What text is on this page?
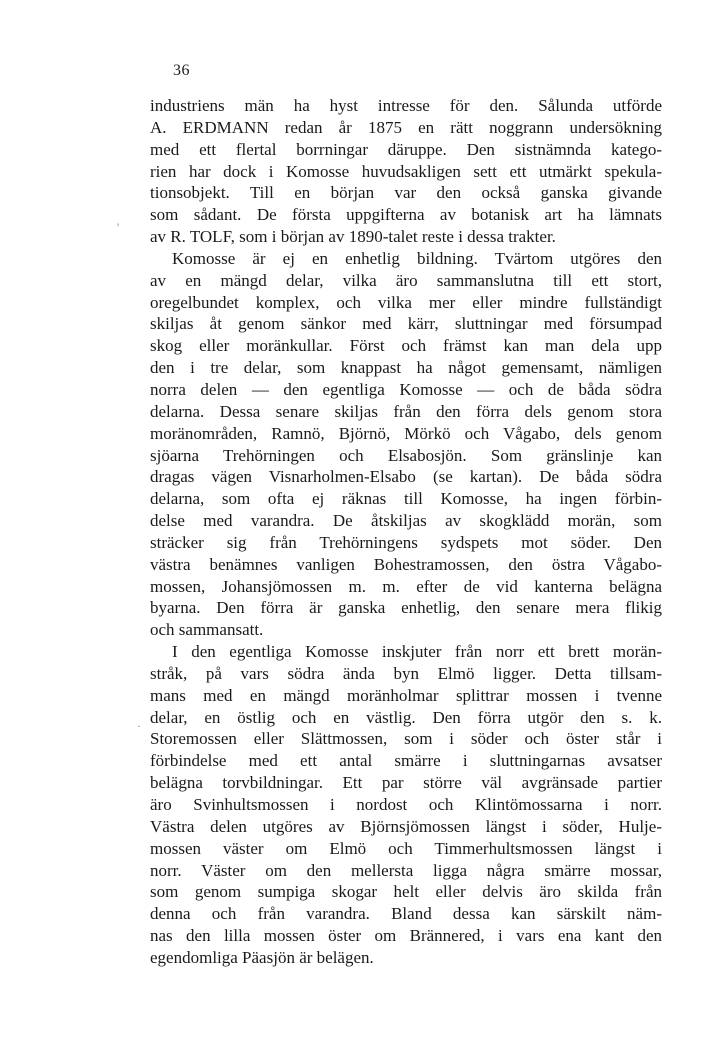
36
'
·
industriens män ha hyst intresse för den. Sålunda utförde
A. ERDMANN redan år 1875 en rätt noggrann undersökning
med ett flertal borrningar däruppe. Den sistnämnda katego-
rien har dock i Komosse huvudsakligen sett ett utmärkt spekula-
tionsobjekt. Till en början var den också ganska givande
som sådant. De första uppgifterna av botanisk art ha lämnats
av R. TOLF, som i början av 1890-talet reste i dessa trakter.
Komosse är ej en enhetlig bildning. Tvärtom utgöres den
av en mängd delar, vilka äro sammanslutna till ett stort,
oregelbundet komplex, och vilka mer eller mindre fullständigt
skiljas åt genom sänkor med kärr, sluttningar med försumpad
skog eller moränkullar. Först och främst kan man dela upp
den i tre delar, som knappast ha något gemensamt, nämligen
norra delen — den egentliga Komosse — och de båda södra
delarna. Dessa senare skiljas från den förra dels genom stora
moränområden, Ramnö, Björnö, Mörkö och Vågabo, dels genom
sjöarna Trehörningen och Elsabosjön. Som gränslinje kan
dragas vägen Visnarholmen-Elsabo (se kartan). De båda södra
delarna, som ofta ej räknas till Komosse, ha ingen förbin-
delse med varandra. De åtskiljas av skogklädd morän, som
sträcker sig från Trehörningens sydspets mot söder. Den
västra benämnes vanligen Bohestramossen, den östra Vågabo-
mossen, Johansjömossen m. m. efter de vid kanterna belägna
byarna. Den förra är ganska enhetlig, den senare mera flikig
och sammansatt.
I den egentliga Komosse inskjuter från norr ett brett morän-
stråk, på vars södra ända byn Elmö ligger. Detta tillsam-
mans med en mängd moränholmar splittrar mossen i tvenne
delar, en östlig och en västlig. Den förra utgör den s. k.
Storemossen eller Slättmossen, som i söder och öster står i
förbindelse med ett antal smärre i sluttningarnas avsatser
belägna torvbildningar. Ett par större väl avgränsade partier
äro Svinhultsmossen i nordost och Klintömossarna i norr.
Västra delen utgöres av Björnsjömossen längst i söder, Hulje-
mossen väster om Elmö och Timmerhultsmossen längst i
norr. Väster om den mellersta ligga några smärre mossar,
som genom sumpiga skogar helt eller delvis äro skilda från
denna och från varandra. Bland dessa kan särskilt näm-
nas den lilla mossen öster om Brännered, i vars ena kant den
egendomliga Päasjön är belägen.
